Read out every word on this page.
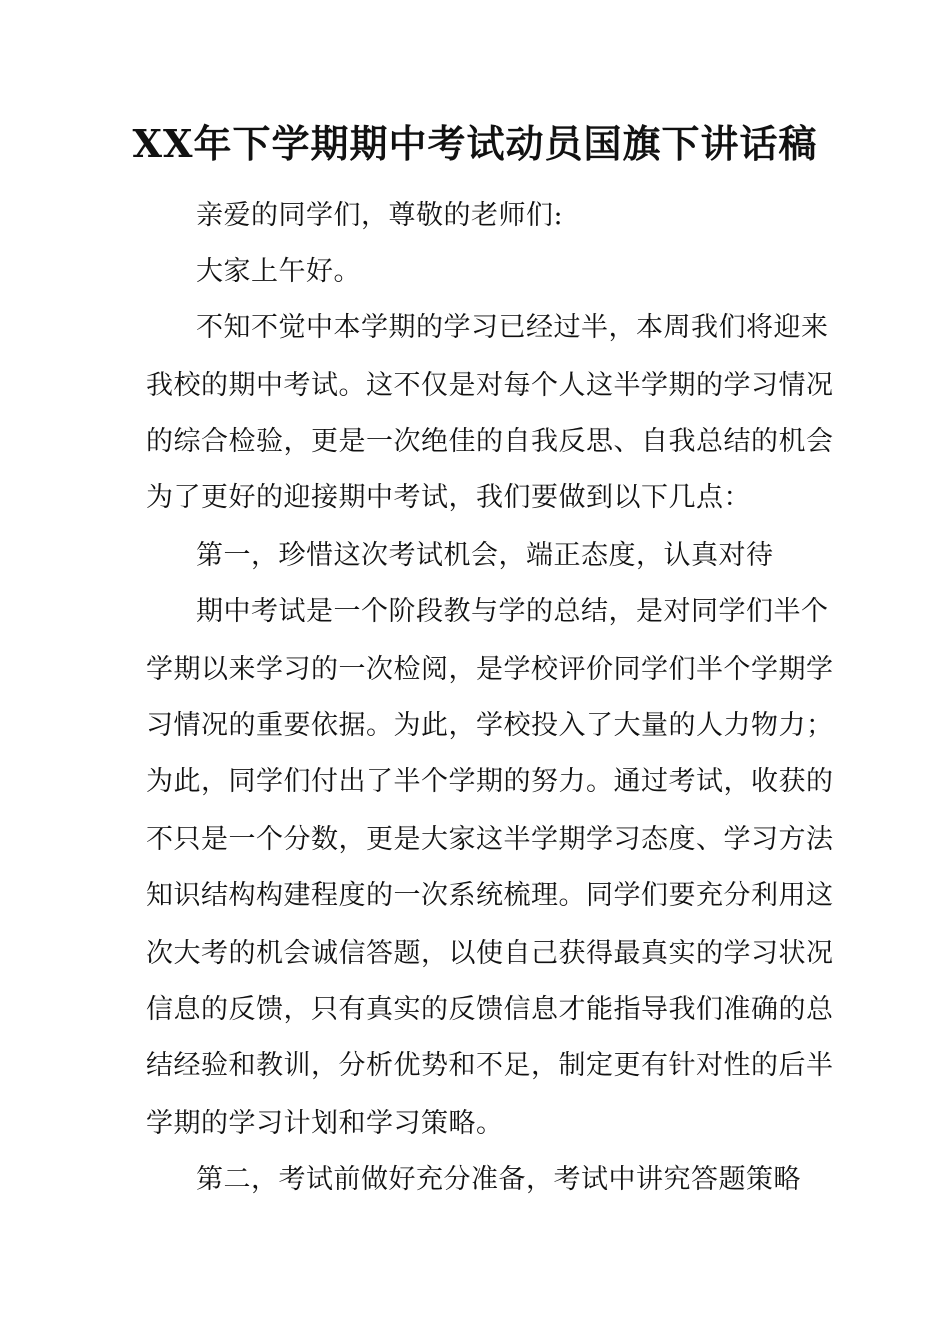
XX年下学期期中考试动员国旗下讲话稿
亲爱的同学们，尊敬的老师们:
大家上午好。
不知不觉中本学期的学习已经过半，本周我们将迎来
我校的期中考试。这不仅是对每个人这半学期的学习情况
的综合检验，更是一次绝佳的自我反思、自我总结的机会
为了更好的迎接期中考试，我们要做到以下几点：
第一，珍惜这次考试机会，端正态度，认真对待
期中考试是一个阶段教与学的总结，是对同学们半个
学期以来学习的一次检阅，是学校评价同学们半个学期学
习情况的重要依据。为此，学校投入了大量的人力物力；
为此，同学们付出了半个学期的努力。通过考试，收获的
不只是一个分数，更是大家这半学期学习态度、学习方法
知识结构构建程度的一次系统梳理。同学们要充分利用这
次大考的机会诚信答题，以使自己获得最真实的学习状况
信息的反馈，只有真实的反馈信息才能指导我们准确的总
结经验和教训，分析优势和不足，制定更有针对性的后半
学期的学习计划和学习策略。
第二，考试前做好充分准备，考试中讲究答题策略
